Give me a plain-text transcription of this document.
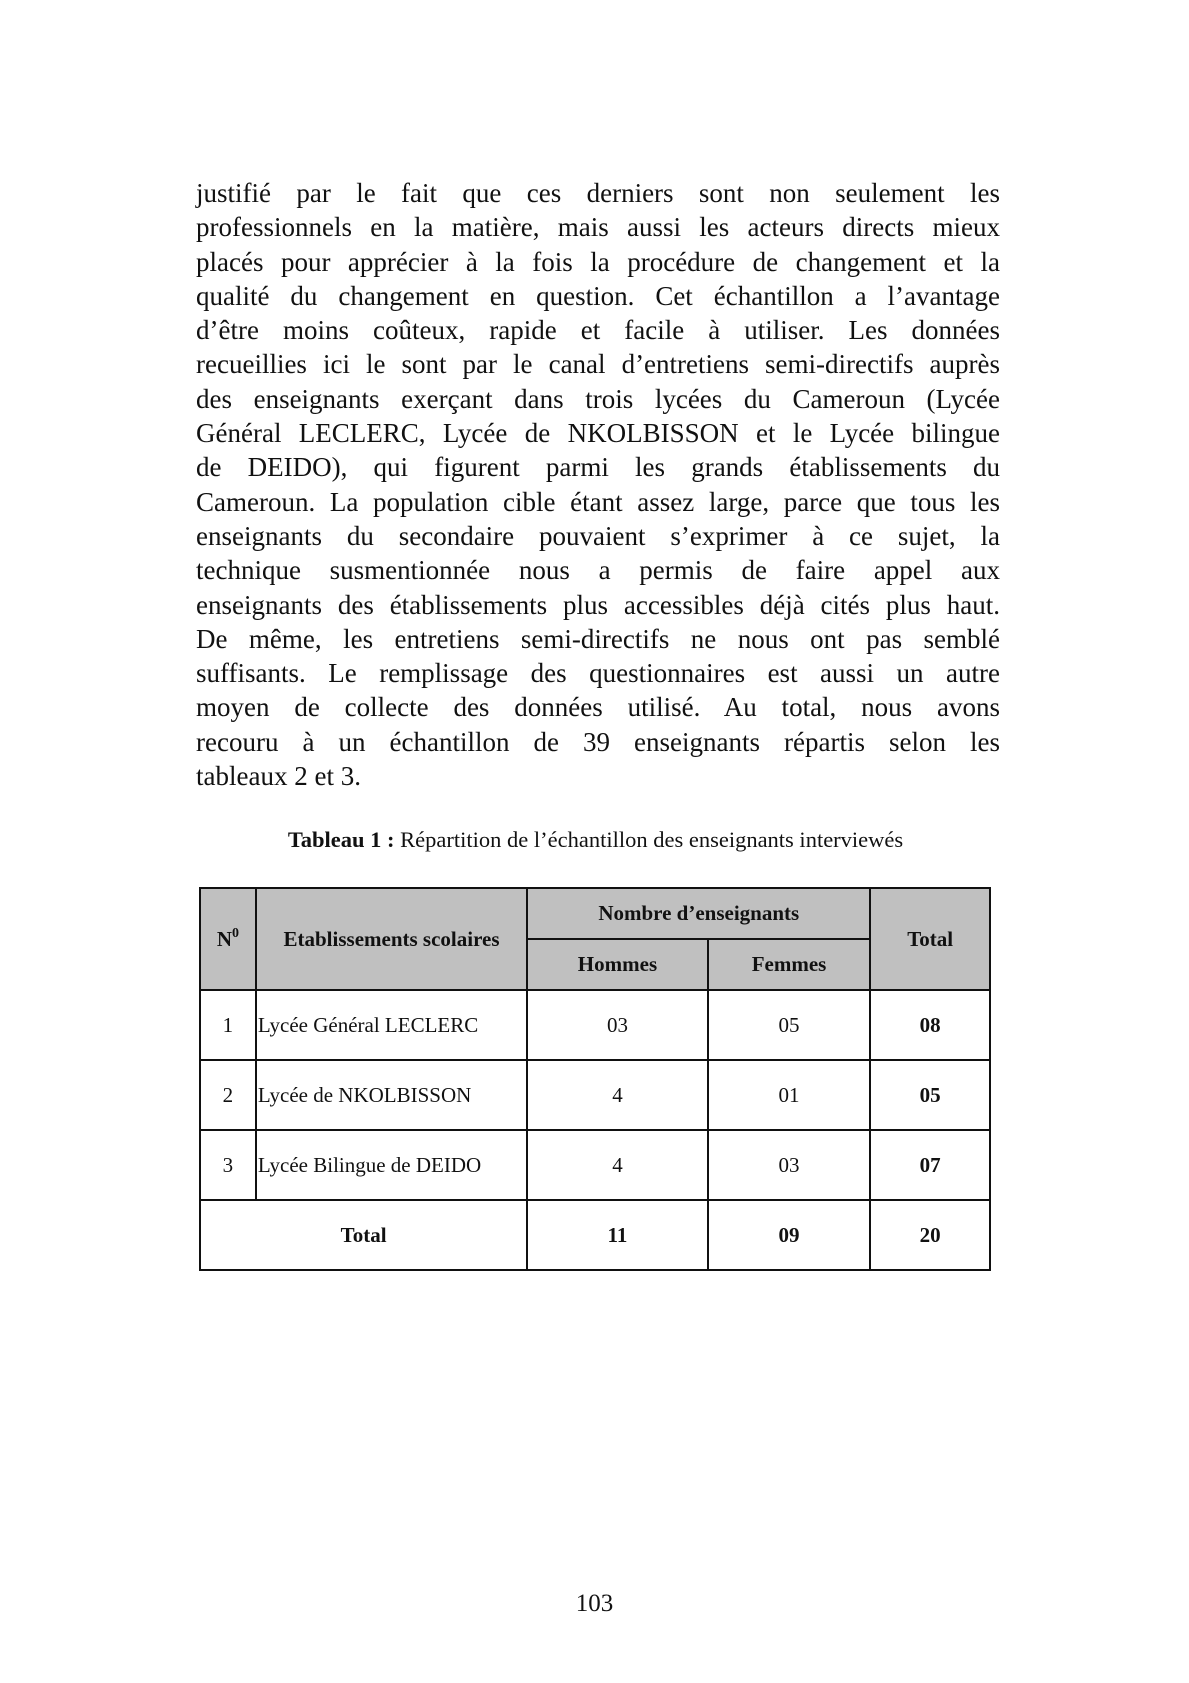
justifié par le fait que ces derniers sont non seulement les
professionnels en la matière, mais aussi les acteurs directs mieux
placés pour apprécier à la fois la procédure de changement et la
qualité du changement en question. Cet échantillon a l’avantage
d’être moins coûteux, rapide et facile à utiliser. Les données
recueillies ici le sont par le canal d’entretiens semi-directifs auprès
des enseignants exerçant dans trois lycées du Cameroun (Lycée
Général LECLERC, Lycée de NKOLBISSON et le Lycée bilingue
de DEIDO), qui figurent parmi les grands établissements du
Cameroun. La population cible étant assez large, parce que tous les
enseignants du secondaire pouvaient s’exprimer à ce sujet, la
technique susmentionnée nous a permis de faire appel aux
enseignants des établissements plus accessibles déjà cités plus haut.
De même, les entretiens semi-directifs ne nous ont pas semblé
suffisants. Le remplissage des questionnaires est aussi un autre
moyen de collecte des données utilisé. Au total, nous avons
recouru à un échantillon de 39 enseignants répartis selon les
tableaux 2 et 3.

Tableau 1 : Répartition de l’échantillon des enseignants interviewés

$N^0$	Etablissements scolaires	Nombre d’enseignants		Total
		Hommes	Femmes	
1	Lycée Général LECLERC	03	05	08
2	Lycée de NKOLBISSON	4	01	05
3	Lycée Bilingue de DEIDO	4	03	07
Total		11	09	20
103
